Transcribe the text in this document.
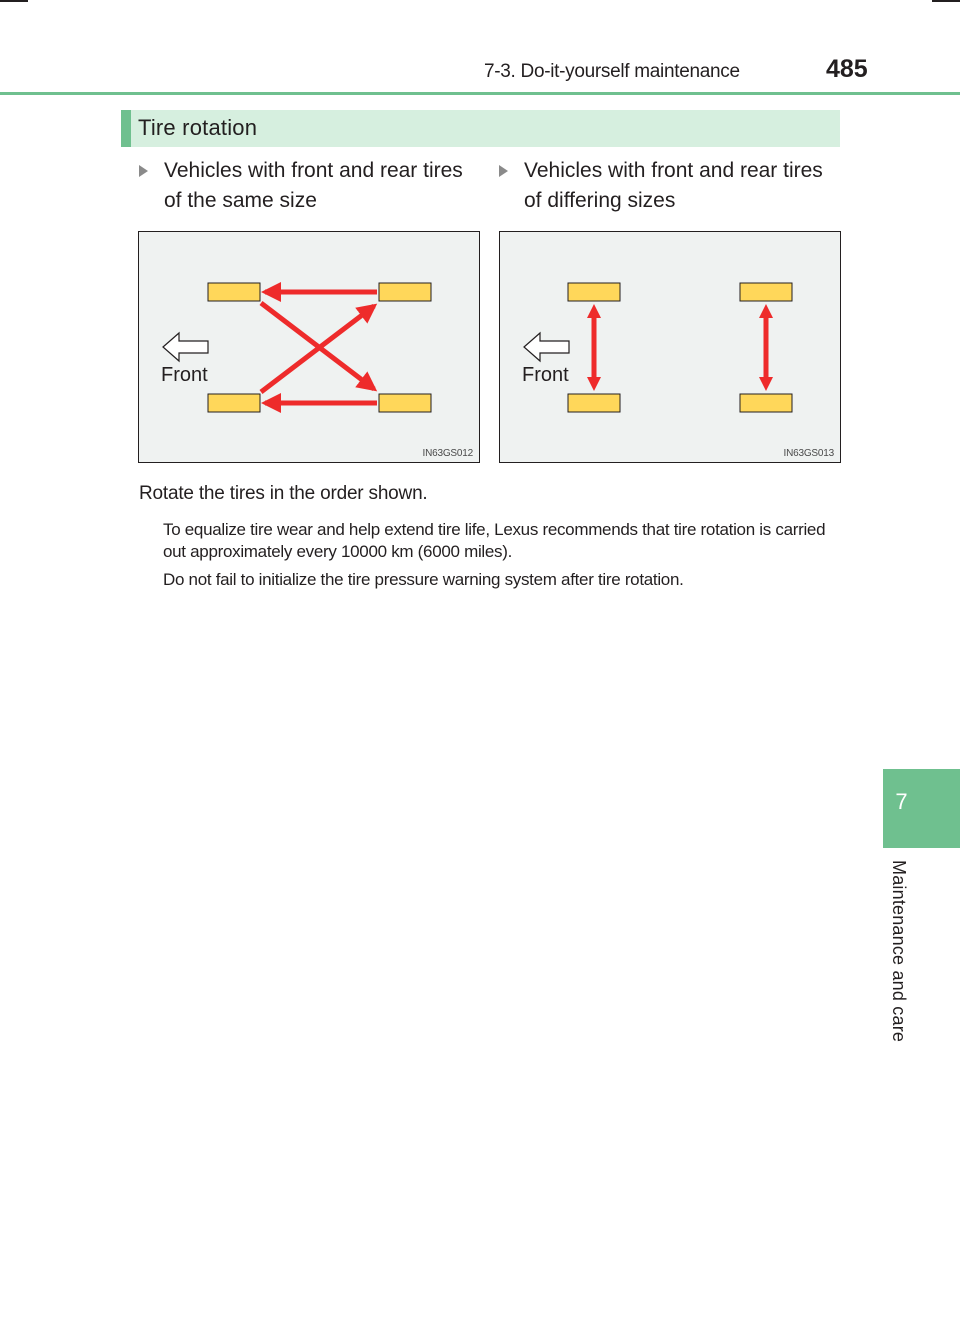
7-3. Do-it-yourself maintenance	485
Tire rotation
Vehicles with front and rear tires of the same size
Vehicles with front and rear tires of differing sizes
Front
IN63GS012
Front
IN63GS013
Rotate the tires in the order shown.
To equalize tire wear and help extend tire life, Lexus recommends that tire rotation is carried out approximately every 10000 km (6000 miles).
Do not fail to initialize the tire pressure warning system after tire rotation.
7
Maintenance and care
